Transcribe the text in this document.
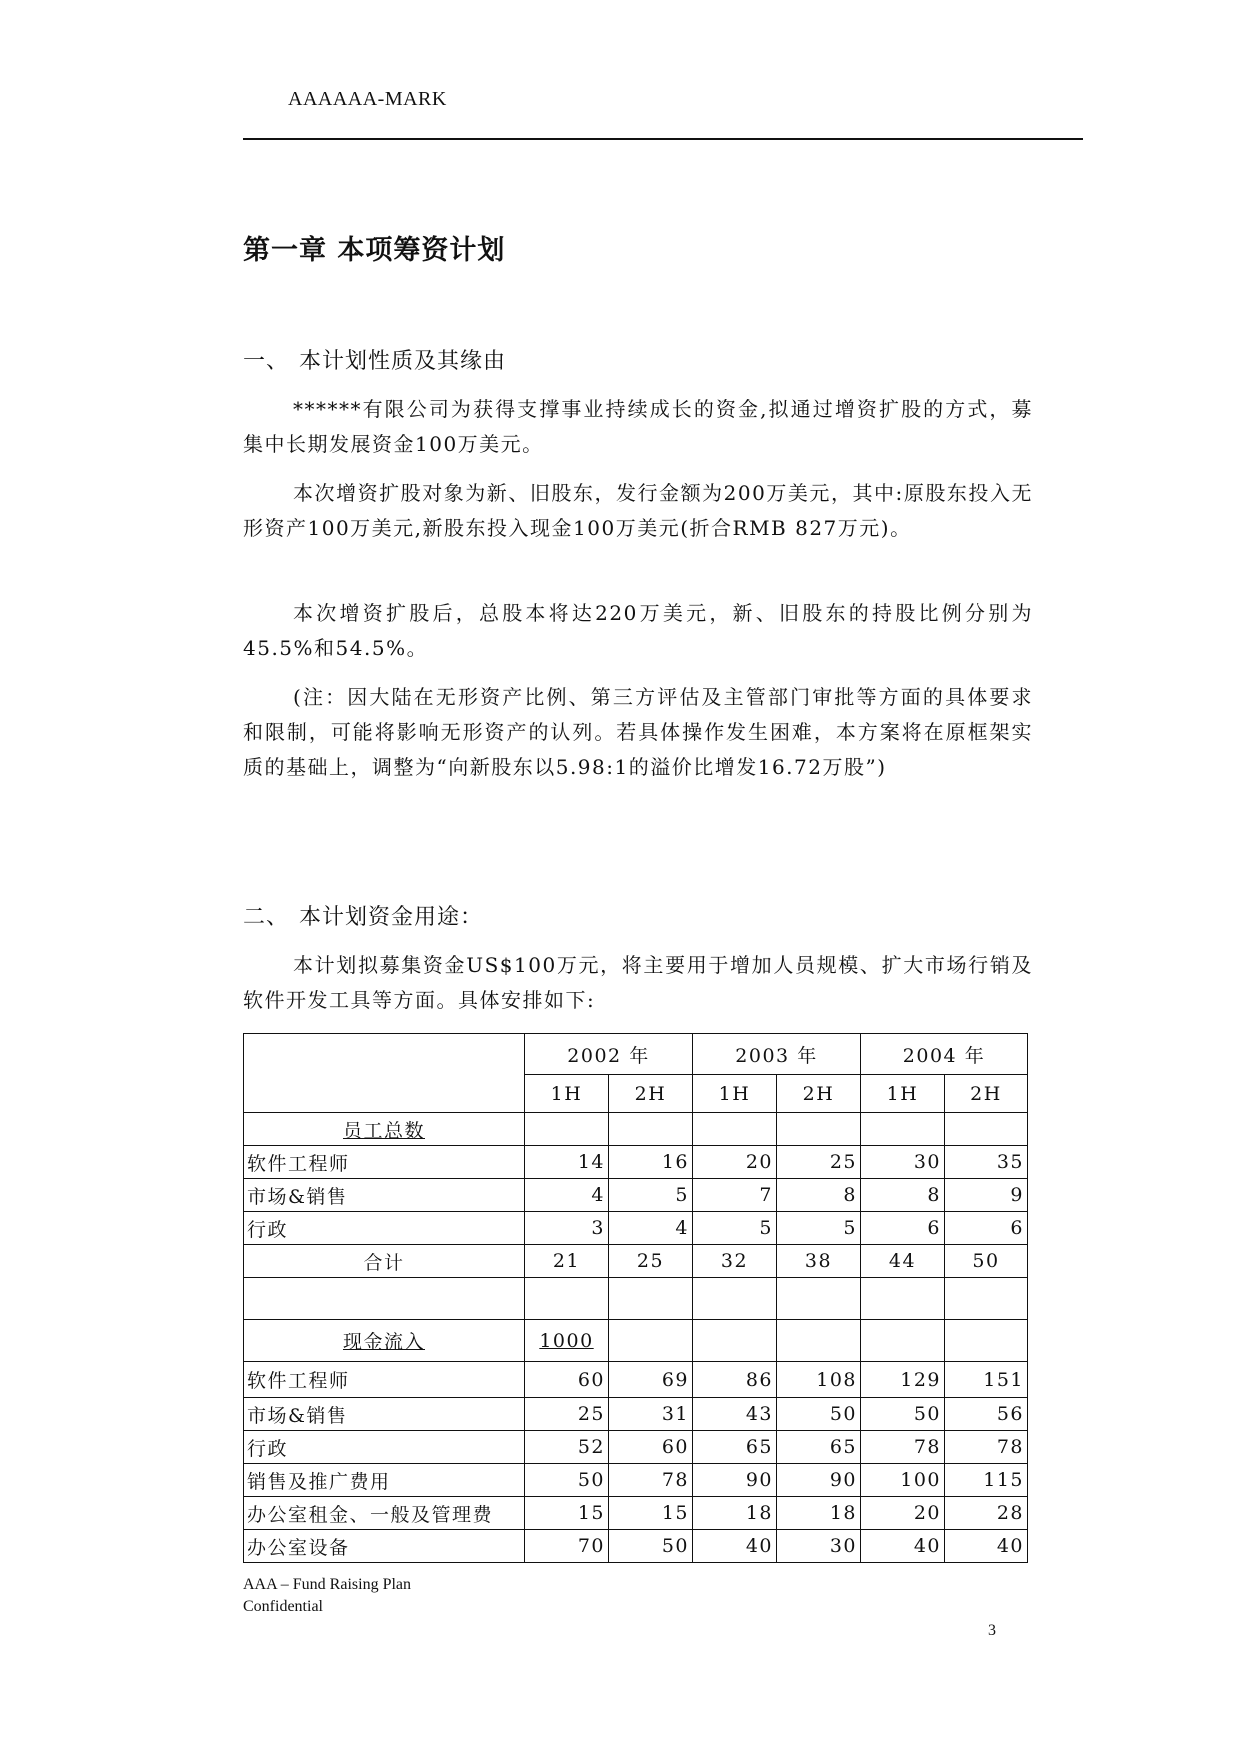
AAAAAA-MARK
第一章 本项筹资计划
一、 本计划性质及其缘由
******有限公司为获得支撑事业持续成长的资金,拟通过增资扩股的方式，募集中长期发展资金100万美元。
本次增资扩股对象为新、旧股东，发行金额为200万美元，其中:原股东投入无形资产100万美元,新股东投入现金100万美元(折合RMB 827万元)。
本次增资扩股后，总股本将达220万美元，新、旧股东的持股比例分别为45.5%和54.5%。
(注：因大陆在无形资产比例、第三方评估及主管部门审批等方面的具体要求和限制，可能将影响无形资产的认列。若具体操作发生困难，本方案将在原框架实质的基础上，调整为“向新股东以5.98:1的溢价比增发16.72万股”)
二、 本计划资金用途：
本计划拟募集资金US$100万元，将主要用于增加人员规模、扩大市场行销及软件开发工具等方面。具体安排如下:
	2002 年		2003 年		2004 年	
	1H	2H	1H	2H	1H	2H
员工总数						
软件工程师	14	16	20	25	30	35
市场&销售	4	5	7	8	8	9
行政	3	4	5	5	6	6
合计	21	25	32	38	44	50

现金流入	1000					
软件工程师	60	69	86	108	129	151
市场&销售	25	31	43	50	50	56
行政	52	60	65	65	78	78
销售及推广费用	50	78	90	90	100	115
办公室租金、一般及管理费	15	15	18	18	20	28
办公室设备	70	50	40	30	40	40
AAA – Fund Raising Plan
Confidential
3
